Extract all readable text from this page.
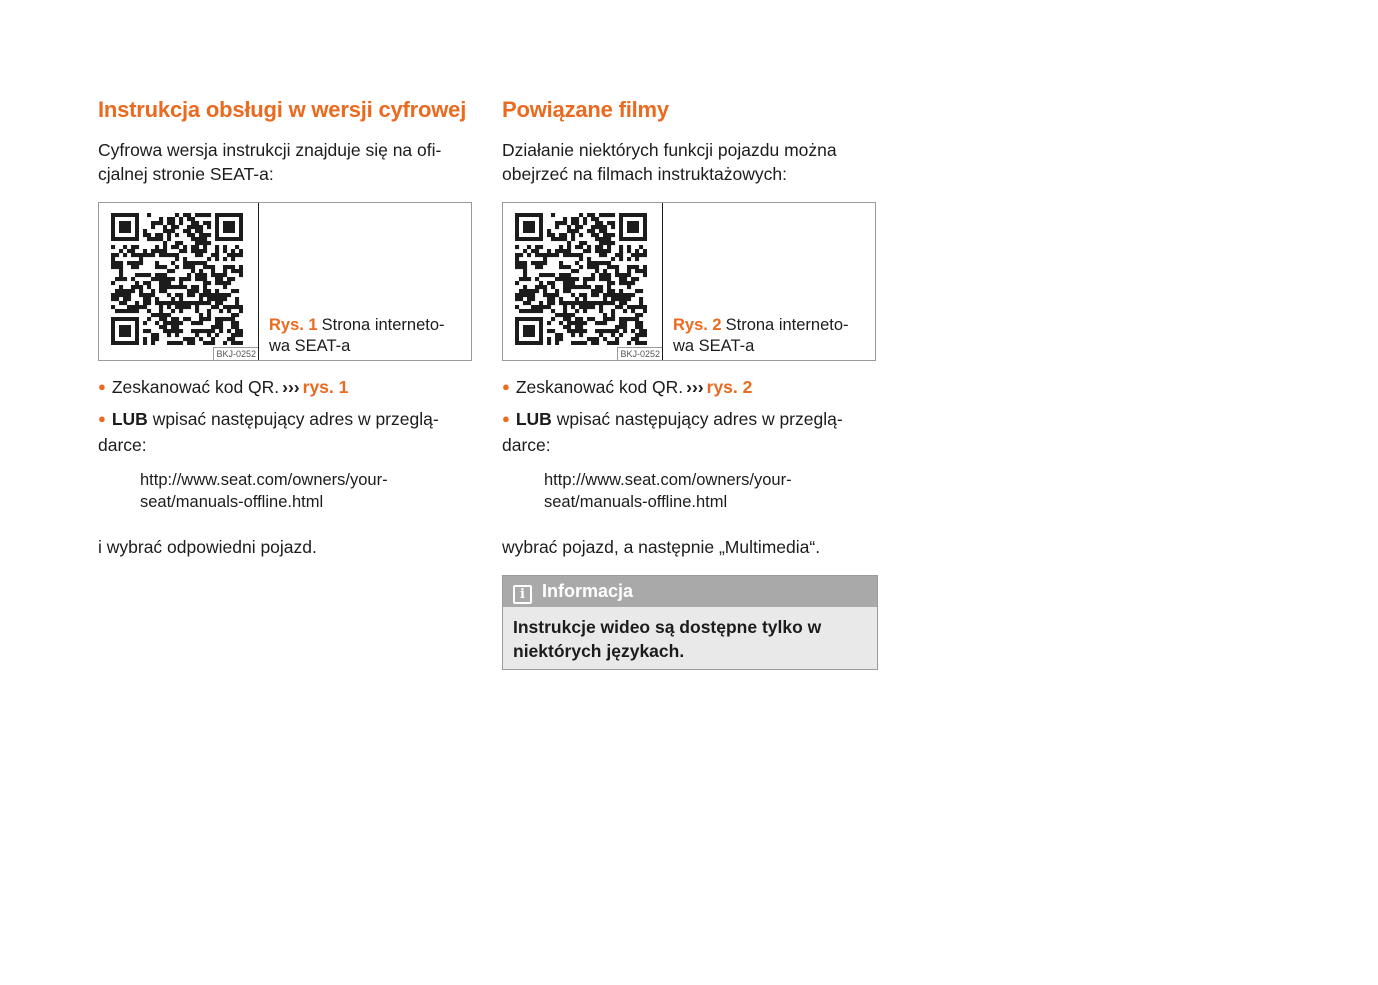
Instrukcja obsługi w wersji cyfrowej

Cyfrowa wersja instrukcji znajduje się na ofi-cjalnej stronie SEAT-a:

BKJ-0252
Rys. 1 Strona interneto-wa SEAT-a
● Zeskanować kod QR. ››› rys. 1
● LUB wpisać następujący adres w przeglą-darce:
http://www.seat.com/owners/your-seat/manuals-offline.html
i wybrać odpowiedni pojazd.
Powiązane filmy

Działanie niektórych funkcji pojazdu można obejrzeć na filmach instruktażowych:

BKJ-0252
Rys. 2 Strona interneto-wa SEAT-a
● Zeskanować kod QR. ››› rys. 2
● LUB wpisać następujący adres w przeglą-darce:
http://www.seat.com/owners/your-seat/manuals-offline.html
wybrać pojazd, a następnie „Multimedia“.
i Informacja
Instrukcje wideo są dostępne tylko w niektórych językach.
